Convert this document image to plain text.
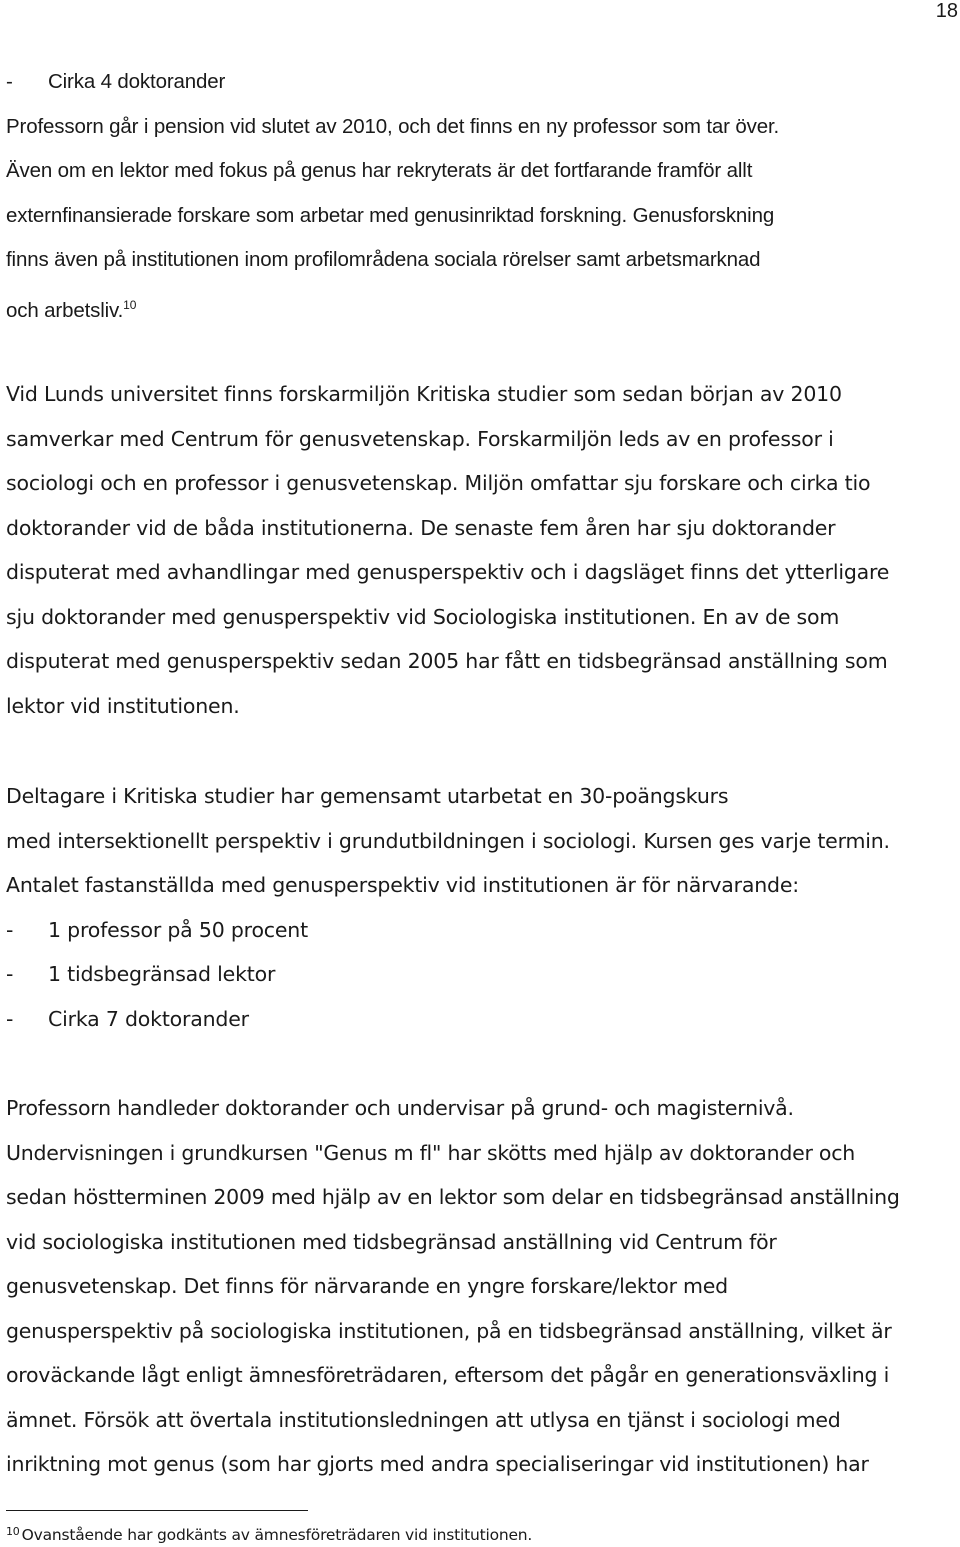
18
- Cirka 4 doktorander
Professorn går i pension vid slutet av 2010, och det finns en ny professor som tar över.
Även om en lektor med fokus på genus har rekryterats är det fortfarande framför allt
externfinansierade forskare som arbetar med genusinriktad forskning. Genusforskning
finns även på institutionen inom profilområdena sociala rörelser samt arbetsmarknad
och arbetsliv.$^{10}$
Vid Lunds universitet finns forskarmiljön Kritiska studier som sedan början av 2010
samverkar med Centrum för genusvetenskap. Forskarmiljön leds av en professor i
sociologi och en professor i genusvetenskap. Miljön omfattar sju forskare och cirka tio
doktorander vid de båda institutionerna. De senaste fem åren har sju doktorander
disputerat med avhandlingar med genusperspektiv och i dagsläget finns det ytterligare
sju doktorander med genusperspektiv vid Sociologiska institutionen. En av de som
disputerat med genusperspektiv sedan 2005 har fått en tidsbegränsad anställning som
lektor vid institutionen.
Deltagare i Kritiska studier har gemensamt utarbetat en 30-poängskurs
med intersektionellt perspektiv i grundutbildningen i sociologi. Kursen ges varje termin.
Antalet fastanställda med genusperspektiv vid institutionen är för närvarande:
- 1 professor på 50 procent
- 1 tidsbegränsad lektor
- Cirka 7 doktorander
Professorn handleder doktorander och undervisar på grund- och magisternivå.
Undervisningen i grundkursen "Genus m fl" har skötts med hjälp av doktorander och
sedan höstterminen 2009 med hjälp av en lektor som delar en tidsbegränsad anställning
vid sociologiska institutionen med tidsbegränsad anställning vid Centrum för
genusvetenskap. Det finns för närvarande en yngre forskare/lektor med
genusperspektiv på sociologiska institutionen, på en tidsbegränsad anställning, vilket är
oroväckande lågt enligt ämnesföreträdaren, eftersom det pågår en generationsväxling i
ämnet. Försök att övertala institutionsledningen att utlysa en tjänst i sociologi med
inriktning mot genus (som har gjorts med andra specialiseringar vid institutionen) har
$^{10}$ Ovanstående har godkänts av ämnesföreträdaren vid institutionen.
